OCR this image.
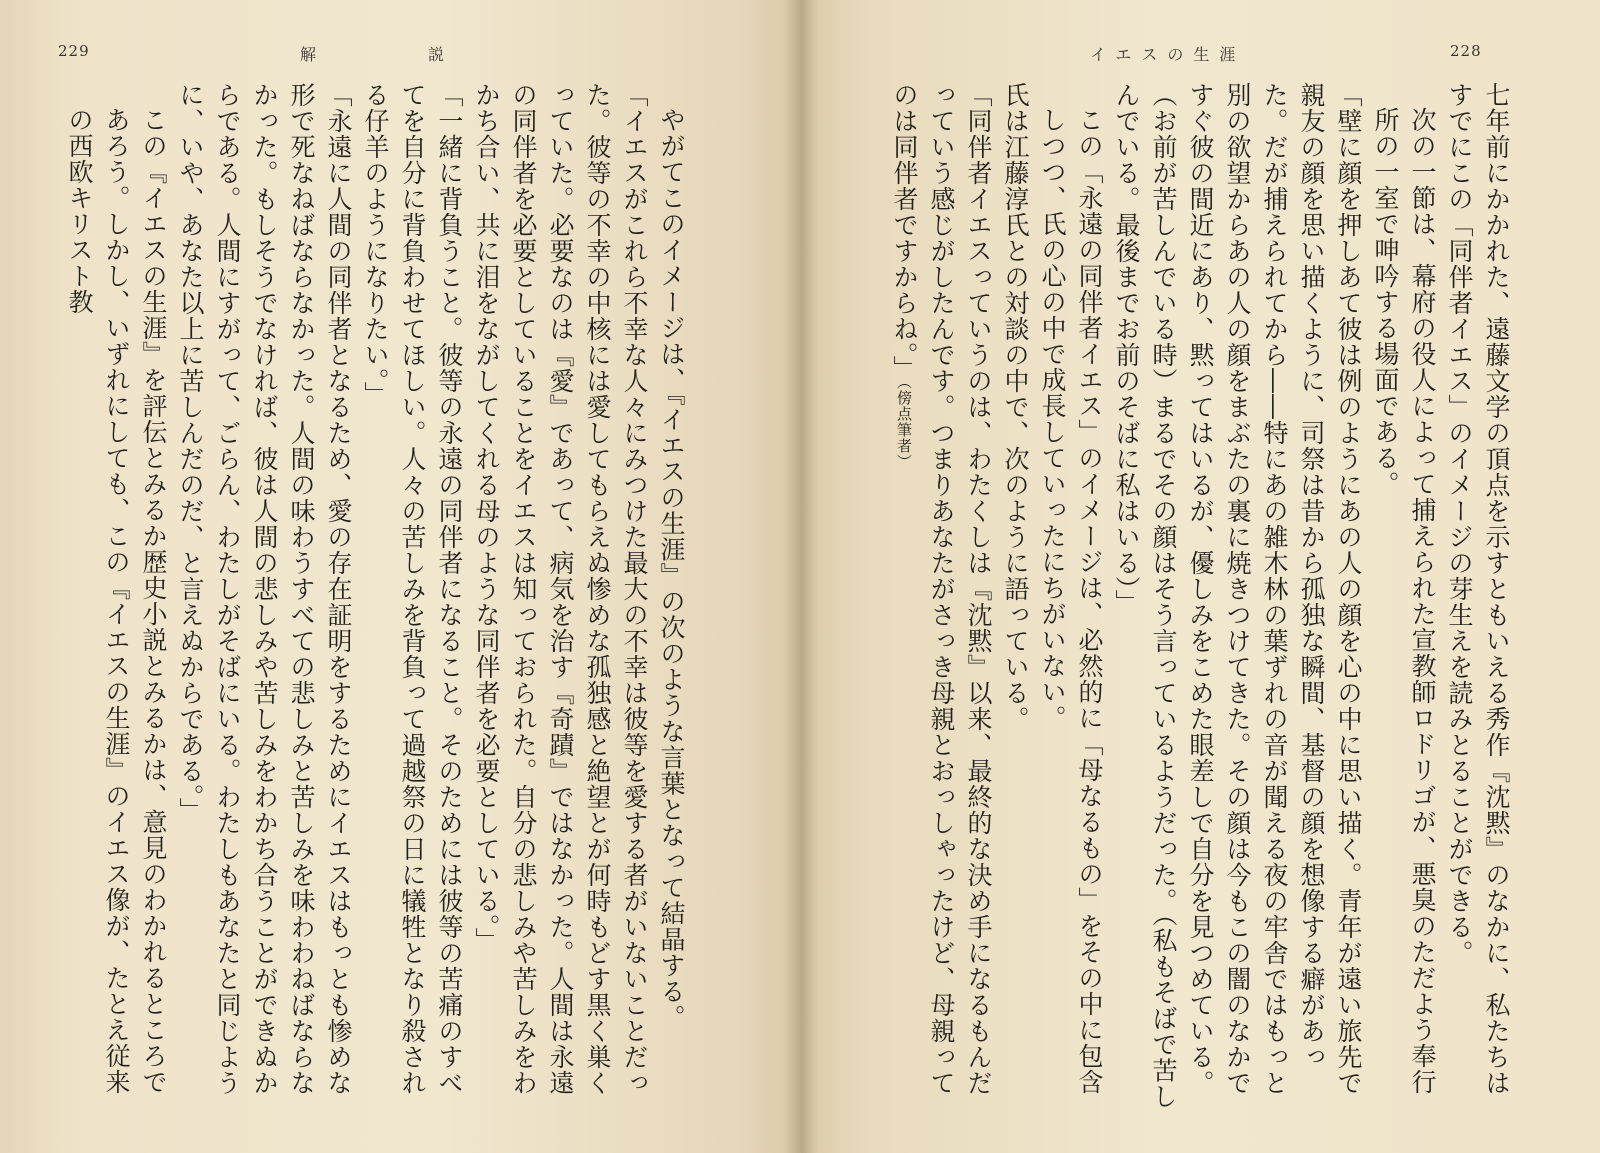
229	解	説

やがてこのイメージは、『イエスの生涯』の次のような言葉となって結晶する。

「イエスがこれら不幸な人々にみつけた最大の不幸は彼等を愛する者がいないことだった。彼等の不幸の中核には愛してもらえぬ惨めな孤独感と絶望とが何時もどす黒く巣くっていた。必要なのは『愛』であって、病気を治す『奇蹟』ではなかった。人間は永遠の同伴者を必要としていることをイエスは知っておられた。自分の悲しみや苦しみをわかち合い、共に泪をながしてくれる母のような同伴者を必要としている。」

「一緒に背負うこと。彼等の永遠の同伴者になること。そのためには彼等の苦痛のすべてを自分に背負わせてほしい。人々の苦しみを背負って過越祭の日に犠牲となり殺される仔羊のようになりたい。」

「永遠に人間の同伴者となるため、愛の存在証明をするためにイエスはもっとも惨めな形で死なねばならなかった。人間の味わうすべての悲しみと苦しみを味わわねばならなかった。もしそうでなければ、彼は人間の悲しみや苦しみをわかち合うことができぬからである。人間にすがって、ごらん、わたしがそばにいる。わたしもあなたと同じように、いや、あなた以上に苦しんだのだ、と言えぬからである。」

この『イエスの生涯』を評伝とみるか歴史小説とみるかは、意見のわかれるところであろう。しかし、いずれにしても、この『イエスの生涯』のイエス像が、たとえ従来の西欧キリスト教

イエスの生涯	228

七年前にかかれた、遠藤文学の頂点を示すともいえる秀作『沈黙』のなかに、私たちはすでにこの「同伴者イエス」のイメージの芽生えを読みとることができる。

次の一節は、幕府の役人によって捕えられた宣教師ロドリゴが、悪臭のただよう奉行所の一室で呻吟する場面である。

「壁に顔を押しあて彼は例のようにあの人の顔を心の中に思い描く。青年が遠い旅先で親友の顔を思い描くように、司祭は昔から孤独な瞬間、基督の顔を想像する癖があった。だが捕えられてから――特にあの雑木林の葉ずれの音が聞える夜の牢舎ではもっと別の欲望からあの人の顔をまぶたの裏に焼きつけてきた。その顔は今もこの闇のなかですぐ彼の間近にあり、黙ってはいるが、優しみをこめた眼差しで自分を見つめている。（お前が苦しんでいる時）まるでその顔はそう言っているようだった。（私もそばで苦しんでいる。最後までお前のそばに私はいる）」

この「永遠の同伴者イエス」のイメージは、必然的に「母なるもの」をその中に包含しつつ、氏の心の中で成長していったにちがいない。

氏は江藤淳氏との対談の中で、次のように語っている。

「同伴者イエスっていうのは、わたくしは『沈黙』以来、最終的な決め手になるもんだっていう感じがしたんです。つまりあなたがさっき母親とおっしゃったけど、母親ってのは同伴者ですからね。」（傍点筆者）
